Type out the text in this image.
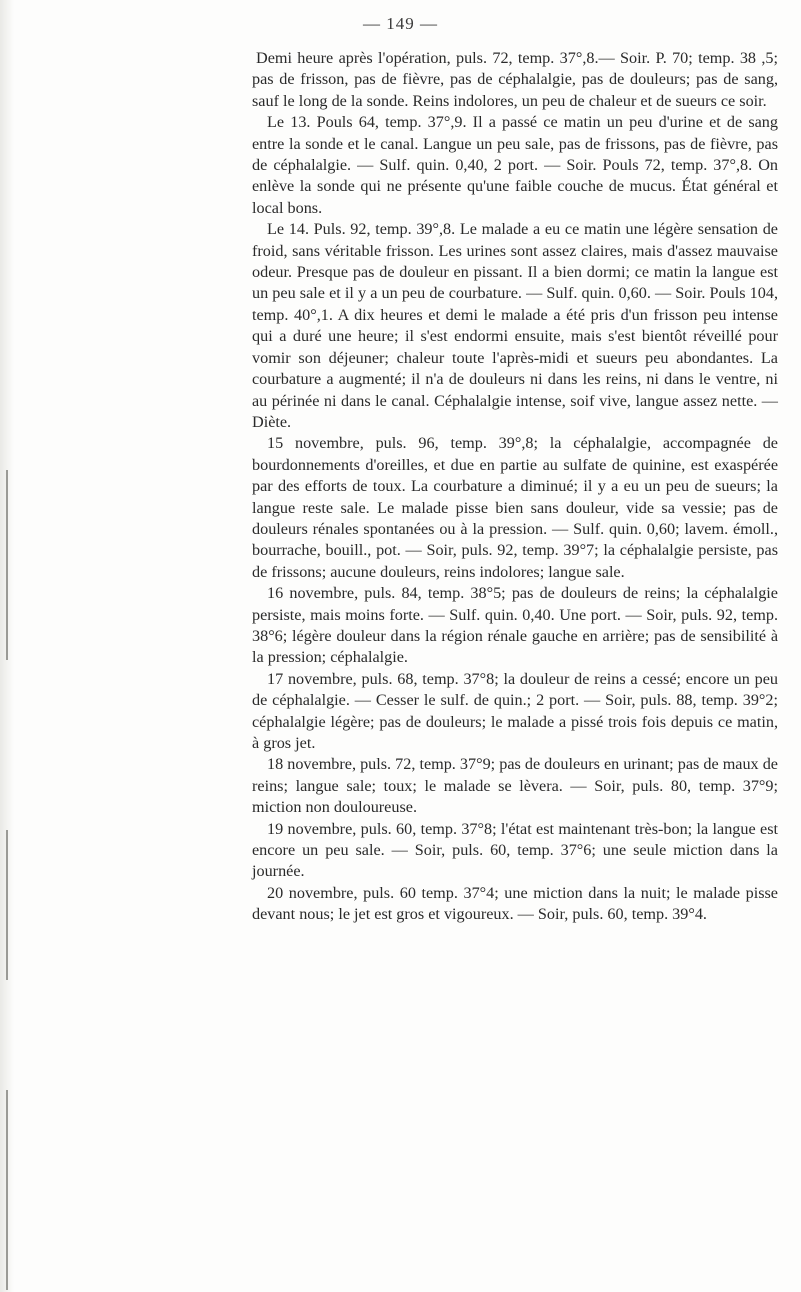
— 149 —

Demi heure après l'opération, puls. 72, temp. 37°,8.— Soir. P. 70; temp. 38 ,5; pas de frisson, pas de fièvre, pas de céphalalgie, pas de douleurs; pas de sang, sauf le long de la sonde. Reins indolores, un peu de chaleur et de sueurs ce soir.

Le 13. Pouls 64, temp. 37°,9. Il a passé ce matin un peu d'urine et de sang entre la sonde et le canal. Langue un peu sale, pas de frissons, pas de fièvre, pas de céphalalgie. — Sulf. quin. 0,40, 2 port. — Soir. Pouls 72, temp. 37°,8. On enlève la sonde qui ne présente qu'une faible couche de mucus. État général et local bons.

Le 14. Puls. 92, temp. 39°,8. Le malade a eu ce matin une légère sensation de froid, sans véritable frisson. Les urines sont assez claires, mais d'assez mauvaise odeur. Presque pas de douleur en pissant. Il a bien dormi; ce matin la langue est un peu sale et il y a un peu de courbature. — Sulf. quin. 0,60. — Soir. Pouls 104, temp. 40°,1. A dix heures et demi le malade a été pris d'un frisson peu intense qui a duré une heure; il s'est endormi ensuite, mais s'est bientôt réveillé pour vomir son déjeuner; chaleur toute l'après-midi et sueurs peu abondantes. La courbature a augmenté; il n'a de douleurs ni dans les reins, ni dans le ventre, ni au périnée ni dans le canal. Céphalalgie intense, soif vive, langue assez nette. — Diète.

15 novembre, puls. 96, temp. 39°,8; la céphalalgie, accompagnée de bourdonnements d'oreilles, et due en partie au sulfate de quinine, est exaspérée par des efforts de toux. La courbature a diminué; il y a eu un peu de sueurs; la langue reste sale. Le malade pisse bien sans douleur, vide sa vessie; pas de douleurs rénales spontanées ou à la pression. — Sulf. quin. 0,60; lavem. émoll., bourrache, bouill., pot. — Soir, puls. 92, temp. 39°7; la céphalalgie persiste, pas de frissons; aucune douleurs, reins indolores; langue sale.

16 novembre, puls. 84, temp. 38°5; pas de douleurs de reins; la céphalalgie persiste, mais moins forte. — Sulf. quin. 0,40. Une port. — Soir, puls. 92, temp. 38°6; légère douleur dans la région rénale gauche en arrière; pas de sensibilité à la pression; céphalalgie.

17 novembre, puls. 68, temp. 37°8; la douleur de reins a cessé; encore un peu de céphalalgie. — Cesser le sulf. de quin.; 2 port. — Soir, puls. 88, temp. 39°2; céphalalgie légère; pas de douleurs; le malade a pissé trois fois depuis ce matin, à gros jet.

18 novembre, puls. 72, temp. 37°9; pas de douleurs en urinant; pas de maux de reins; langue sale; toux; le malade se lèvera. — Soir, puls. 80, temp. 37°9; miction non douloureuse.

19 novembre, puls. 60, temp. 37°8; l'état est maintenant très-bon; la langue est encore un peu sale. — Soir, puls. 60, temp. 37°6; une seule miction dans la journée.

20 novembre, puls. 60 temp. 37°4; une miction dans la nuit; le malade pisse devant nous; le jet est gros et vigoureux. — Soir, puls. 60, temp. 39°4.
